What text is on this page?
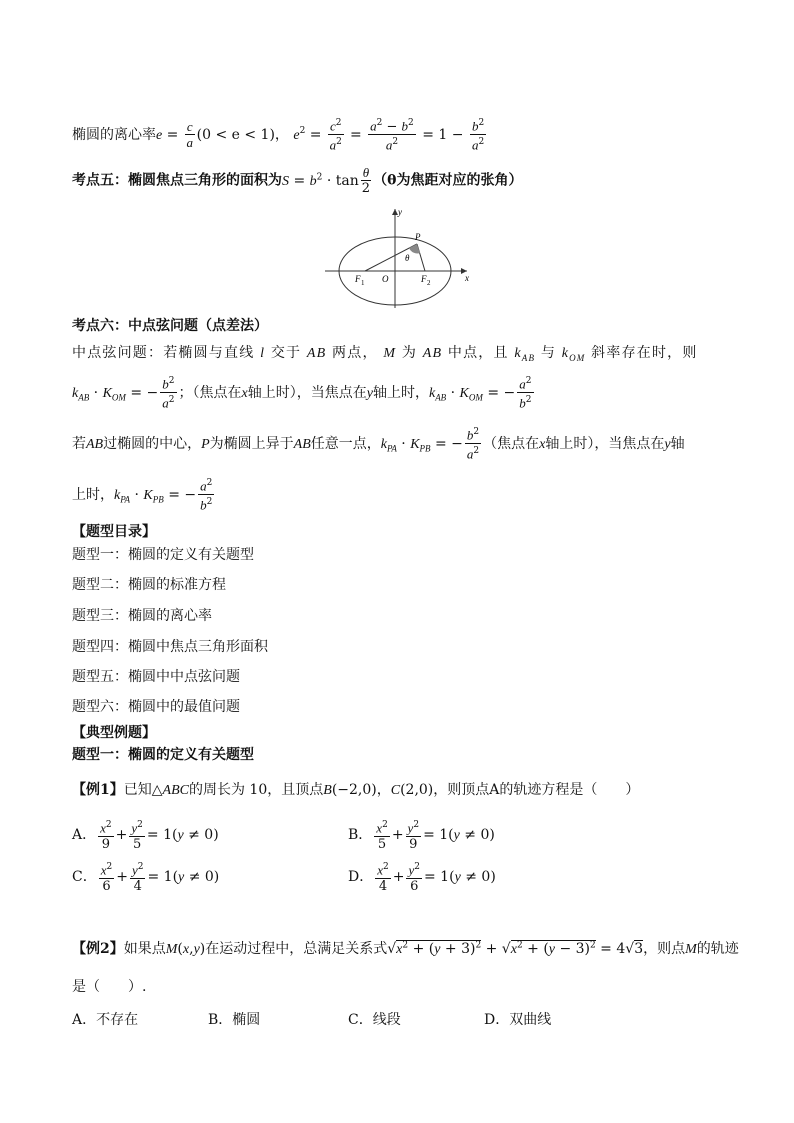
椭圆的离心率$e = \frac{c}{a} (0 < e < 1)$， $e^2 = \frac{c^2}{a^2} = \frac{a^2 - b^2}{a^2} = 1 - \frac{b^2}{a^2}$
考点五：椭圆焦点三角形的面积为$S = b^2 \cdot \tan \frac{\theta}{2} (\theta$为焦距对应的张角）
y
x
P
O
F 1	F 2
θ
考点六：中点弦问题（点差法）
中点弦问题：若椭圆与直线 l 交于 AB 两点， M 为 AB 中点，且 $k_{AB}$ 与 $k_{OM}$ 斜率存在时，则
$k_{AB} \cdot K_{OM}$ = − $\frac{b^2}{a^2}$ ；（焦点在x轴上时），当焦点在y轴上时，$k_{AB} \cdot K_{OM}$ = − $\frac{a^2}{b^2}$
若AB过椭圆的中心，P为椭圆上异于AB任意一点，$k_{PA} \cdot K_{PB}$ = − $\frac{b^2}{a^2}$ （焦点在x轴上时），当焦点在y轴
上时，$k_{PA} \cdot K_{PB}$ = − $\frac{a^2}{b^2}$
【题型目录】
题型一：椭圆的定义有关题型
题型二：椭圆的标准方程
题型三：椭圆的离心率
题型四：椭圆中焦点三角形面积
题型五：椭圆中中点弦问题
题型六：椭圆中的最值问题
【典型例题】
题型一：椭圆的定义有关题型
【例1】已知△ABC的周长为 10，且顶点B(−2,0)，C(2,0)，则顶点A的轨迹方程是（　　）
A． $\frac{x^2}{9} + \frac{y^2}{5} = 1(y \ne 0)$	B． $\frac{x^2}{5} + \frac{y^2}{9} = 1(y \ne 0)$
C． $\frac{x^2}{6} + \frac{y^2}{4} = 1(y \ne 0)$	D． $\frac{x^2}{4} + \frac{y^2}{6} = 1(y \ne 0)$
【例2】如果点M(x,y)在运动过程中，总满足关系式$√x^2 + (y + 3)^2 + √x^2 + (y - 3)^2 = 4√3$，则点M的轨迹
是（　　）.
A．不存在	B．椭圆	C．线段	D．双曲线
